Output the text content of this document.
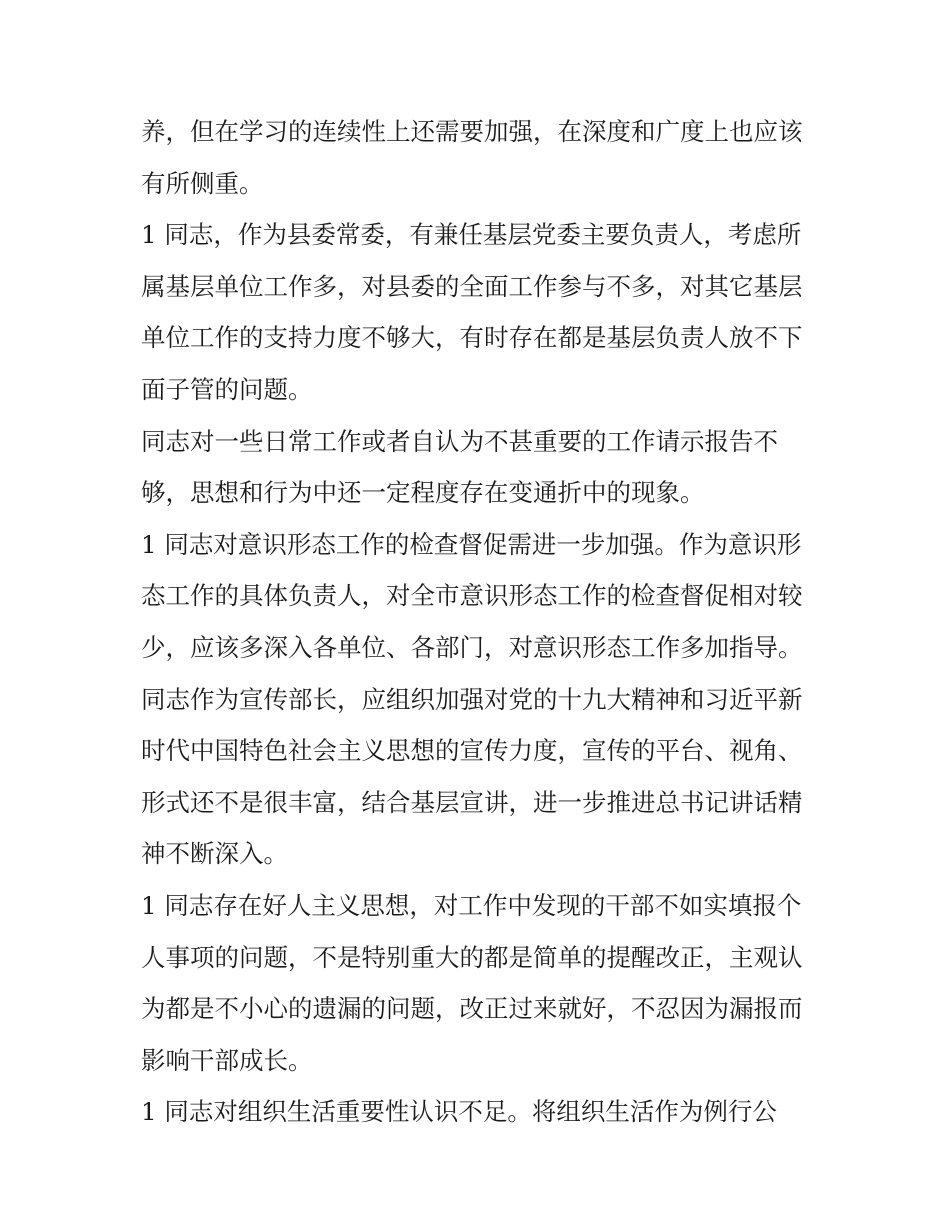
养，但在学习的连续性上还需要加强，在深度和广度上也应该
有所侧重。
1 同志，作为县委常委，有兼任基层党委主要负责人，考虑所
属基层单位工作多，对县委的全面工作参与不多，对其它基层
单位工作的支持力度不够大，有时存在都是基层负责人放不下
面子管的问题。
同志对一些日常工作或者自认为不甚重要的工作请示报告不
够，思想和行为中还一定程度存在变通折中的现象。
1 同志对意识形态工作的检查督促需进一步加强。作为意识形
态工作的具体负责人，对全市意识形态工作的检查督促相对较
少，应该多深入各单位、各部门，对意识形态工作多加指导。
同志作为宣传部长，应组织加强对党的十九大精神和习近平新
时代中国特色社会主义思想的宣传力度，宣传的平台、视角、
形式还不是很丰富，结合基层宣讲，进一步推进总书记讲话精
神不断深入。
1 同志存在好人主义思想，对工作中发现的干部不如实填报个
人事项的问题，不是特别重大的都是简单的提醒改正，主观认
为都是不小心的遗漏的问题，改正过来就好，不忍因为漏报而
影响干部成长。
1 同志对组织生活重要性认识不足。将组织生活作为例行公
